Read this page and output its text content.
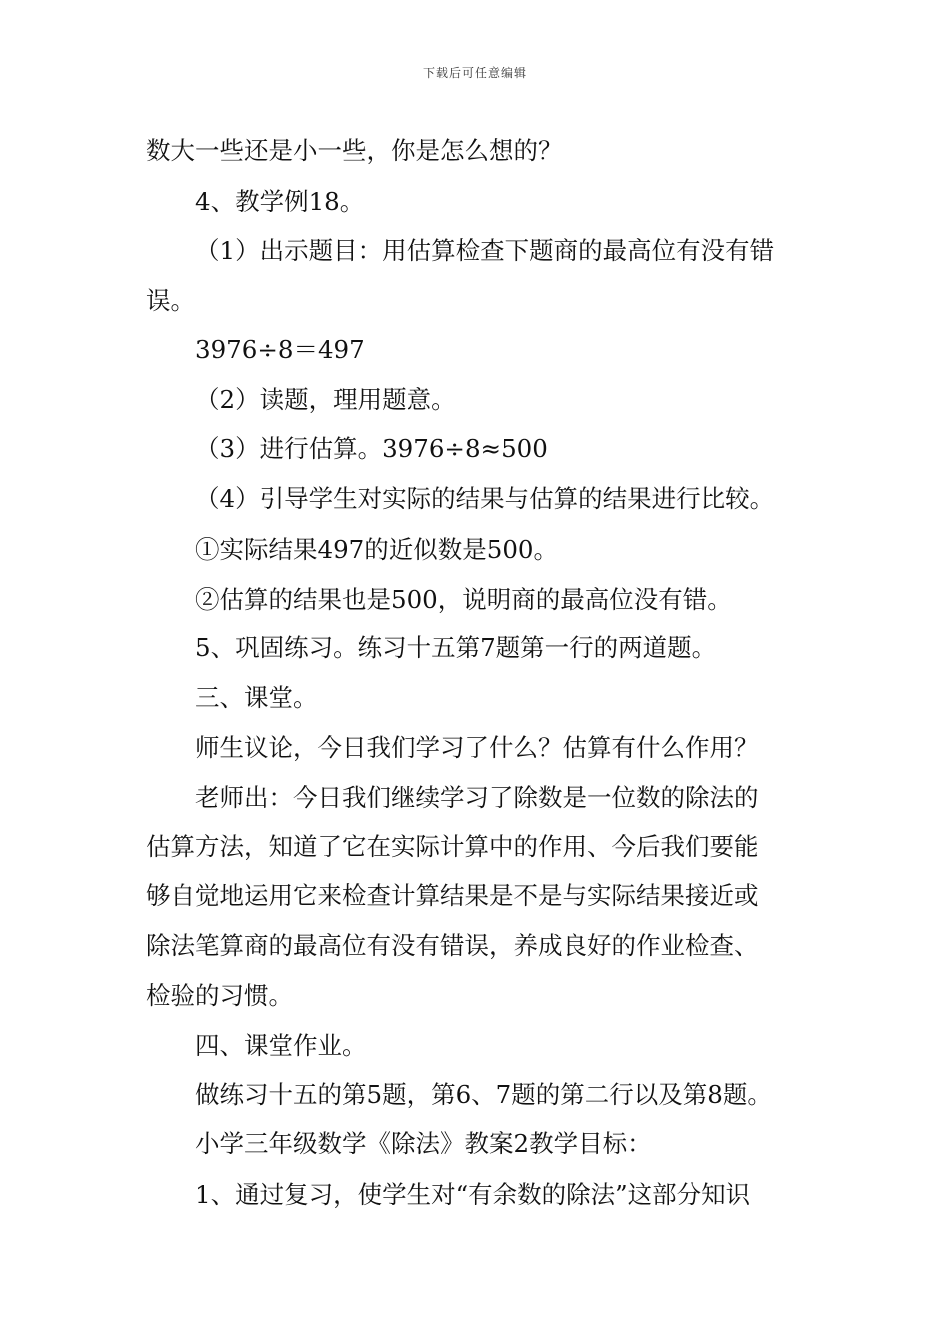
下载后可任意编辑
数大一些还是小一些，你是怎么想的？
4、教学例18。
（1）出示题目：用估算检查下题商的最高位有没有错
误。
3976÷8＝497
（2）读题，理用题意。
（3）进行估算。3976÷8≈500
（4）引导学生对实际的结果与估算的结果进行比较。
①实际结果497的近似数是500。
②估算的结果也是500，说明商的最高位没有错。
5、巩固练习。练习十五第7题第一行的两道题。
三、课堂。
师生议论，今日我们学习了什么？估算有什么作用？
老师出：今日我们继续学习了除数是一位数的除法的
估算方法，知道了它在实际计算中的作用、今后我们要能
够自觉地运用它来检查计算结果是不是与实际结果接近或
除法笔算商的最高位有没有错误，养成良好的作业检查、
检验的习惯。
四、课堂作业。
做练习十五的第5题，第6、7题的第二行以及第8题。
小学三年级数学《除法》教案2教学目标：
1、通过复习，使学生对“有余数的除法”这部分知识
